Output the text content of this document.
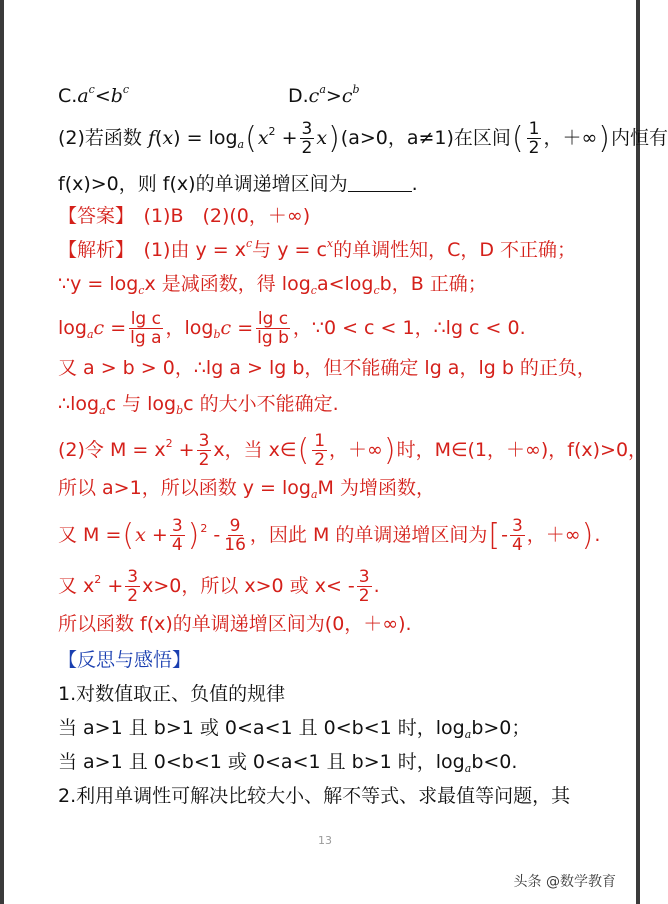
$C.a^c<b^c$	$D.c^a>c^b$
(2)若函数 $f(x) = \log_a(x^2 + \frac{3}{2} x)(a>0$，a≠1)在区间( $\frac{1}{2}$ ，＋∞)内恒有
f(x)>0，则 f(x)的单调递增区间为	.
【答案】　 (1)B　(2)(0，＋∞)
【解析】　 (1)由 $y = x^c$与 $y = c^x$的单调性知，C，D 不正确；
∵y = $\log_cx$ 是减函数，得 $\log_ca<\log_cb$，B 正确；
$\log_ac = \frac{\text{lg c}}{\text{lg a}}$ ，$\log_bc = \frac{\text{lg c}}{\text{lg b}}$ ，∵0 < c < 1，∴lg c < 0.
又 a > b > 0，∴lg a > lg b，但不能确定 lg a，lg b 的正负，
$\therefore\log_ac$ 与 $\log_bc$ 的大小不能确定.
(2)令 $M = x^2 + \frac{3}{2}$ x，当 x∈( $\frac{1}{2}$ ，＋∞)时，M∈(1，＋∞)，f(x)>0，
所以 a>1，所以函数 $y = \log_aM$ 为增函数，
又 $M =(x + \frac{3}{4} )^2 - \frac{9}{16}$ ，因此 M 的单调递增区间为[- $\frac{3}{4}$ ，＋∞).
又 $x^2 + \frac{3}{2} x>0$，所以 x>0 或 $x< - \frac{3}{2}$ .
所以函数 f(x)的单调递增区间为(0，＋∞).
【反思与感悟】
1.对数值取正、负值的规律
当 a>1 且 b>1 或 0<a<1 且 0<b<1 时，$\log_ab>0$；
当 a>1 且 0<b<1 或 0<a<1 且 b>1 时，$\log_ab<0$.
2.利用单调性可解决比较大小、解不等式、求最值等问题，其
13
头条 @数学教育
